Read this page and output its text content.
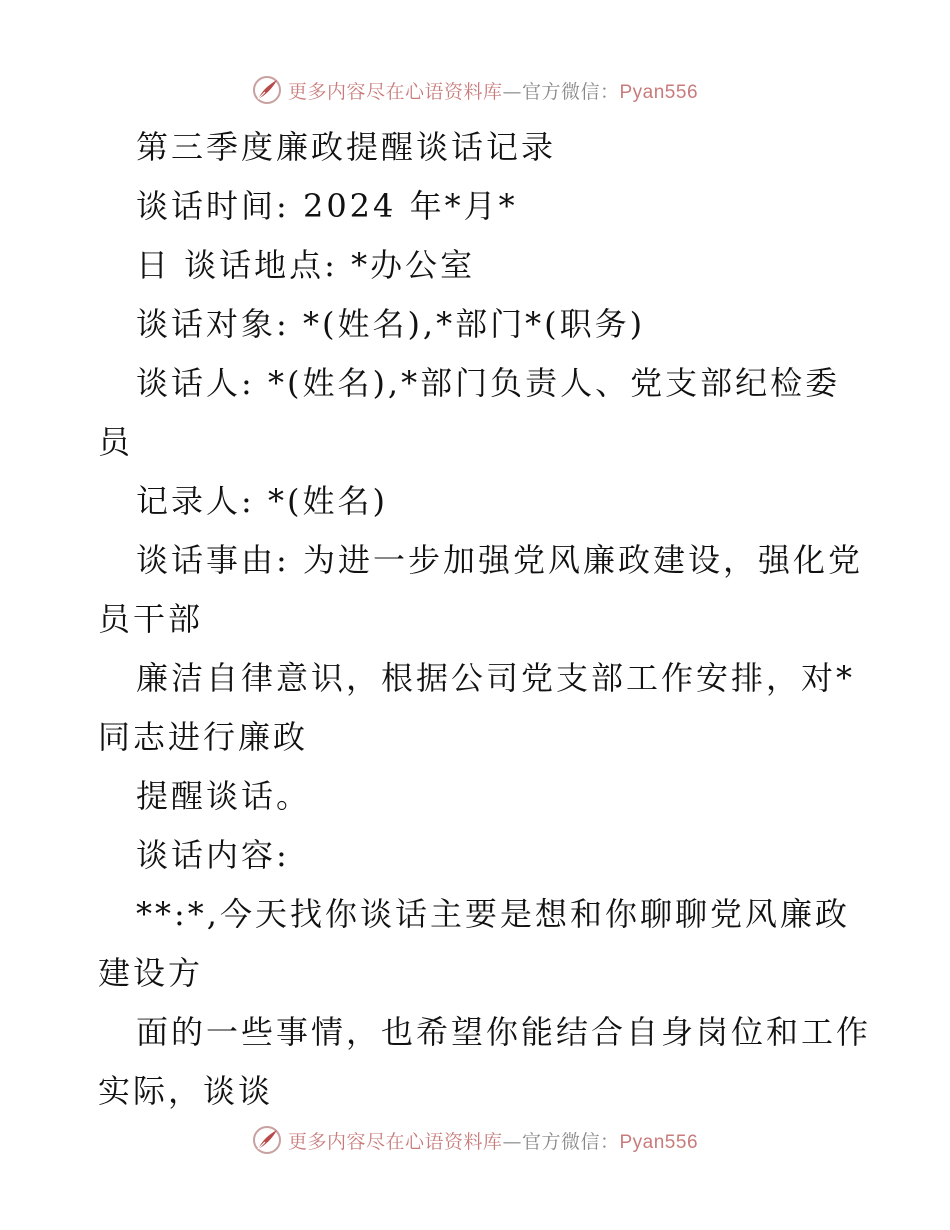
更多内容尽在心语资料库—官方微信：Pyan556
第三季度廉政提醒谈话记录
谈话时间: 2024 年*月*
日 谈话地点: *办公室
谈话对象: *(姓名),*部门*(职务)
谈话人: *(姓名),*部门负责人、党支部纪检委
员
记录人: *(姓名)
谈话事由: 为进一步加强党风廉政建设，强化党
员干部
廉洁自律意识，根据公司党支部工作安排，对*
同志进行廉政
提醒谈话。
谈话内容:
**:*,今天找你谈话主要是想和你聊聊党风廉政
建设方
面的一些事情，也希望你能结合自身岗位和工作
实际，谈谈
更多内容尽在心语资料库—官方微信：Pyan556
